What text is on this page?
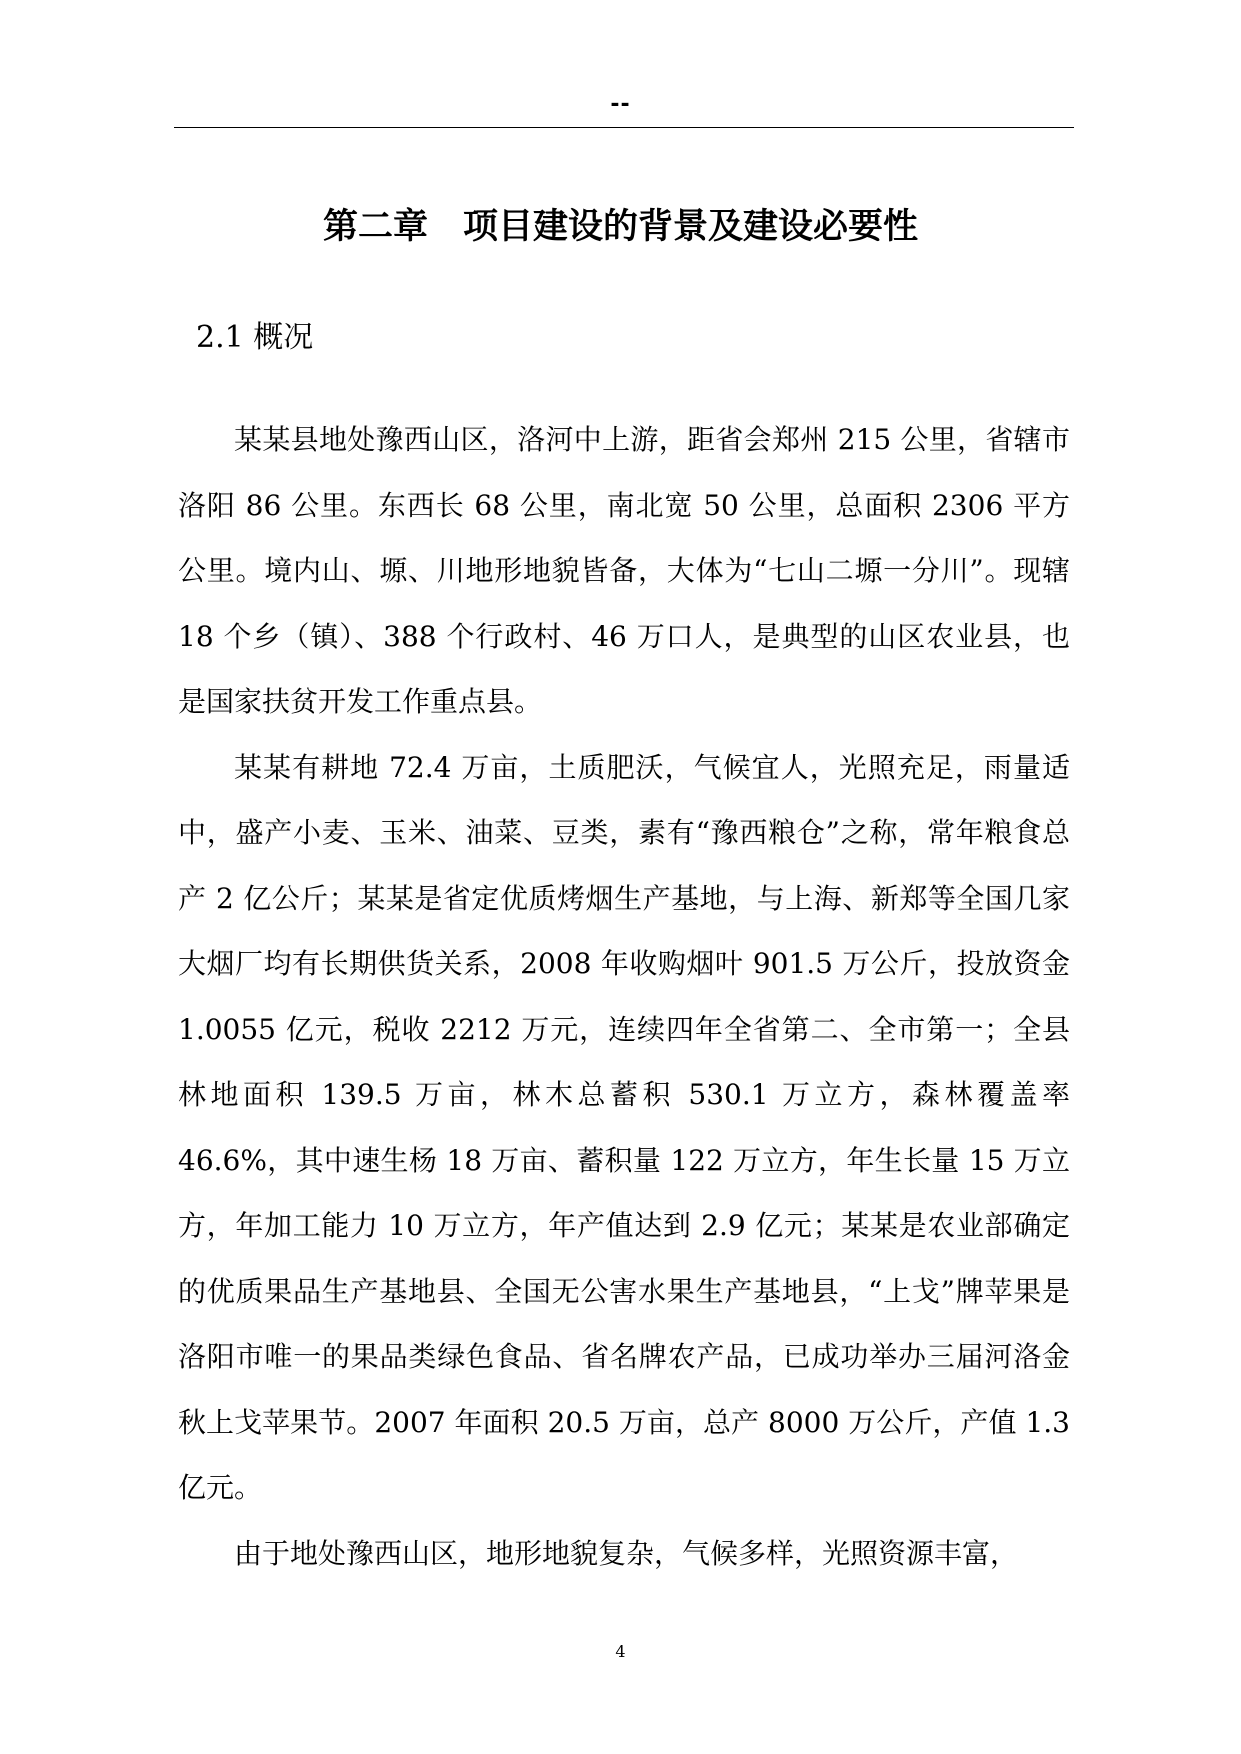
--
第二章　项目建设的背景及建设必要性
2.1 概况

某某县地处豫西山区，洛河中上游，距省会郑州 215 公里，省辖市洛阳 86 公里。东西长 68 公里，南北宽 50 公里，总面积 2306 平方公里。境内山、塬、川地形地貌皆备，大体为“七山二塬一分川”。现辖 18 个乡（镇）、388 个行政村、46 万口人，是典型的山区农业县，也是国家扶贫开发工作重点县。

某某有耕地 72.4 万亩，土质肥沃，气候宜人，光照充足，雨量适中，盛产小麦、玉米、油菜、豆类，素有“豫西粮仓”之称，常年粮食总产 2 亿公斤；某某是省定优质烤烟生产基地，与上海、新郑等全国几家大烟厂均有长期供货关系，2008 年收购烟叶 901.5 万公斤，投放资金 1.0055 亿元，税收 2212 万元，连续四年全省第二、全市第一；全县林地面积 139.5 万亩，林木总蓄积 530.1 万立方，森林覆盖率 46.6%，其中速生杨 18 万亩、蓄积量 122 万立方，年生长量 15 万立方，年加工能力 10 万立方，年产值达到 2.9 亿元；某某是农业部确定的优质果品生产基地县、全国无公害水果生产基地县，“上戈”牌苹果是洛阳市唯一的果品类绿色食品、省名牌农产品，已成功举办三届河洛金秋上戈苹果节。2007 年面积 20.5 万亩，总产 8000 万公斤，产值 1.3 亿元。

由于地处豫西山区，地形地貌复杂，气候多样，光照资源丰富，

4
